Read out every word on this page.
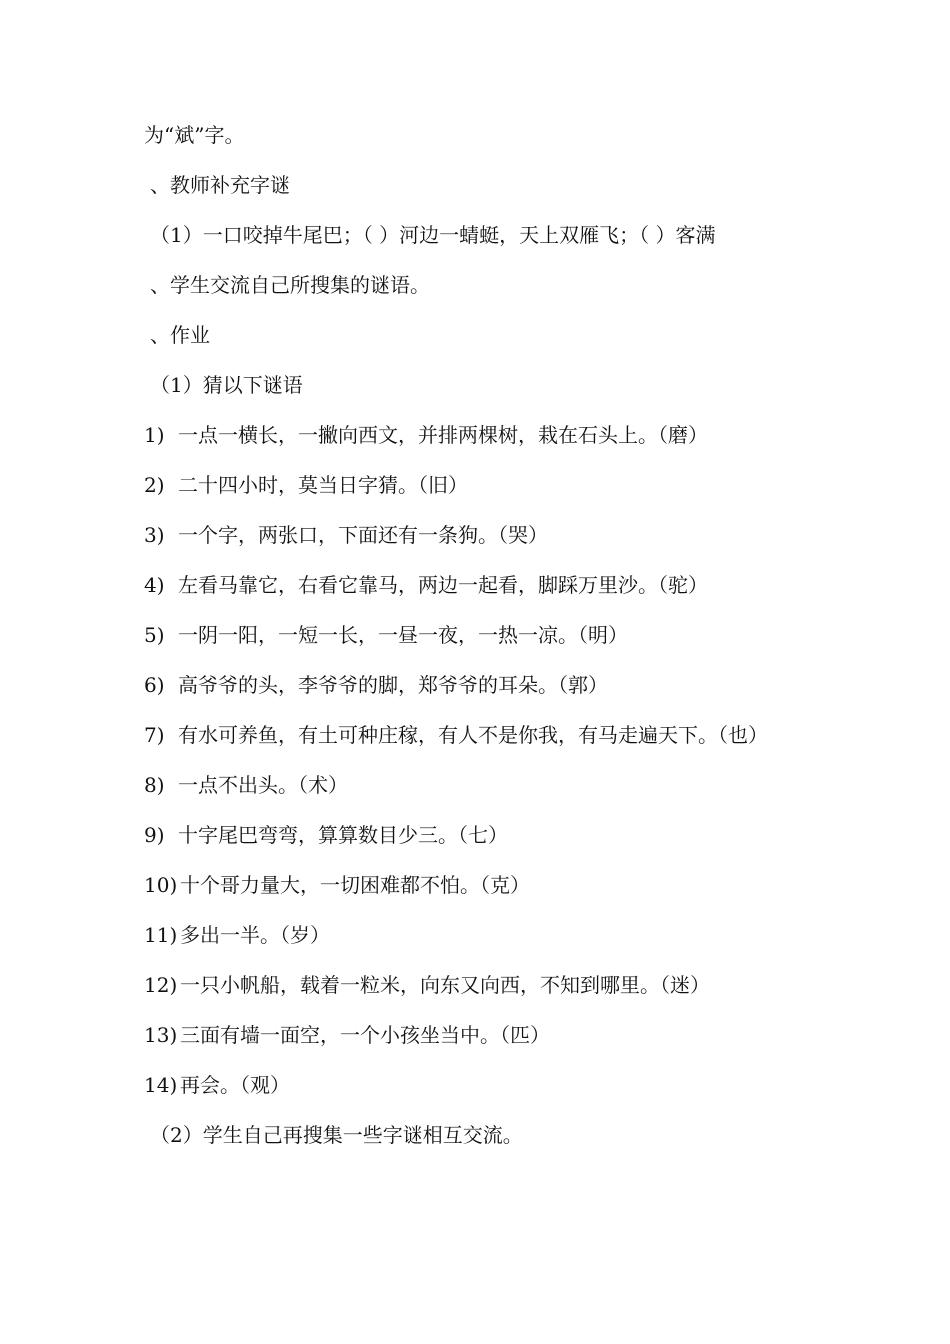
为“斌”字。
、教师补充字谜
（1）一口咬掉牛尾巴；（ ）河边一蜻蜓，天上双雁飞；（ ）客满
、学生交流自己所搜集的谜语。
、作业
（1）猜以下谜语
1) 一点一横长，一撇向西文，并排两棵树，栽在石头上。（磨）
2) 二十四小时，莫当日字猜。（旧）
3) 一个字，两张口，下面还有一条狗。（哭）
4) 左看马靠它，右看它靠马，两边一起看，脚踩万里沙。（驼）
5) 一阴一阳，一短一长，一昼一夜，一热一凉。（明）
6) 高爷爷的头，李爷爷的脚，郑爷爷的耳朵。（郭）
7) 有水可养鱼，有土可种庄稼，有人不是你我，有马走遍天下。（也）
8) 一点不出头。（术）
9) 十字尾巴弯弯，算算数目少三。（七）
10) 十个哥力量大，一切困难都不怕。（克）
11) 多出一半。（岁）
12) 一只小帆船，载着一粒米，向东又向西，不知到哪里。（迷）
13) 三面有墙一面空，一个小孩坐当中。（匹）
14) 再会。（观）
（2）学生自己再搜集一些字谜相互交流。
